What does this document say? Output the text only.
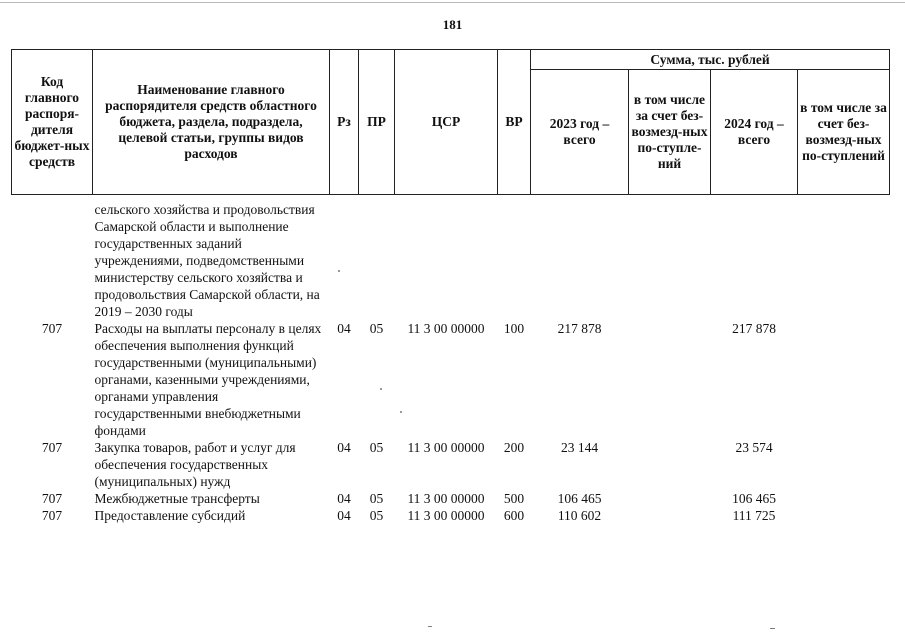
181
Код главного распоря-дителя бюджет-ных средств	Наименование главного распорядителя средств областного бюджета, раздела, подраздела, целевой статьи, группы видов расходов	Рз	ПР	ЦСР	ВР	Сумма, тыс. рублей			
						2023 год – всего	в том числе за счет без-возмезд-ных по-ступле-ний	2024 год – всего	в том числе за счет без-возмезд-ных по-ступлений

	сельского хозяйства и продовольствия Самарской области и выполнение государственных заданий учреждениями, подведомственными министерству сельского хозяйства и продовольствия Самарской области, на 2019 – 2030 годы								
707	Расходы на выплаты персоналу в целях обеспечения выполнения функций государственными (муниципальными) органами, казенными учреждениями, органами управления государственными внебюджетными фондами	04	05	11 3 00 00000	100	217 878		217 878	
707	Закупка товаров, работ и услуг для обеспечения государственных (муниципальных) нужд	04	05	11 3 00 00000	200	23 144		23 574	
707	Межбюджетные трансферты	04	05	11 3 00 00000	500	106 465		106 465	
707	Предоставление субсидий	04	05	11 3 00 00000	600	110 602		111 725	
